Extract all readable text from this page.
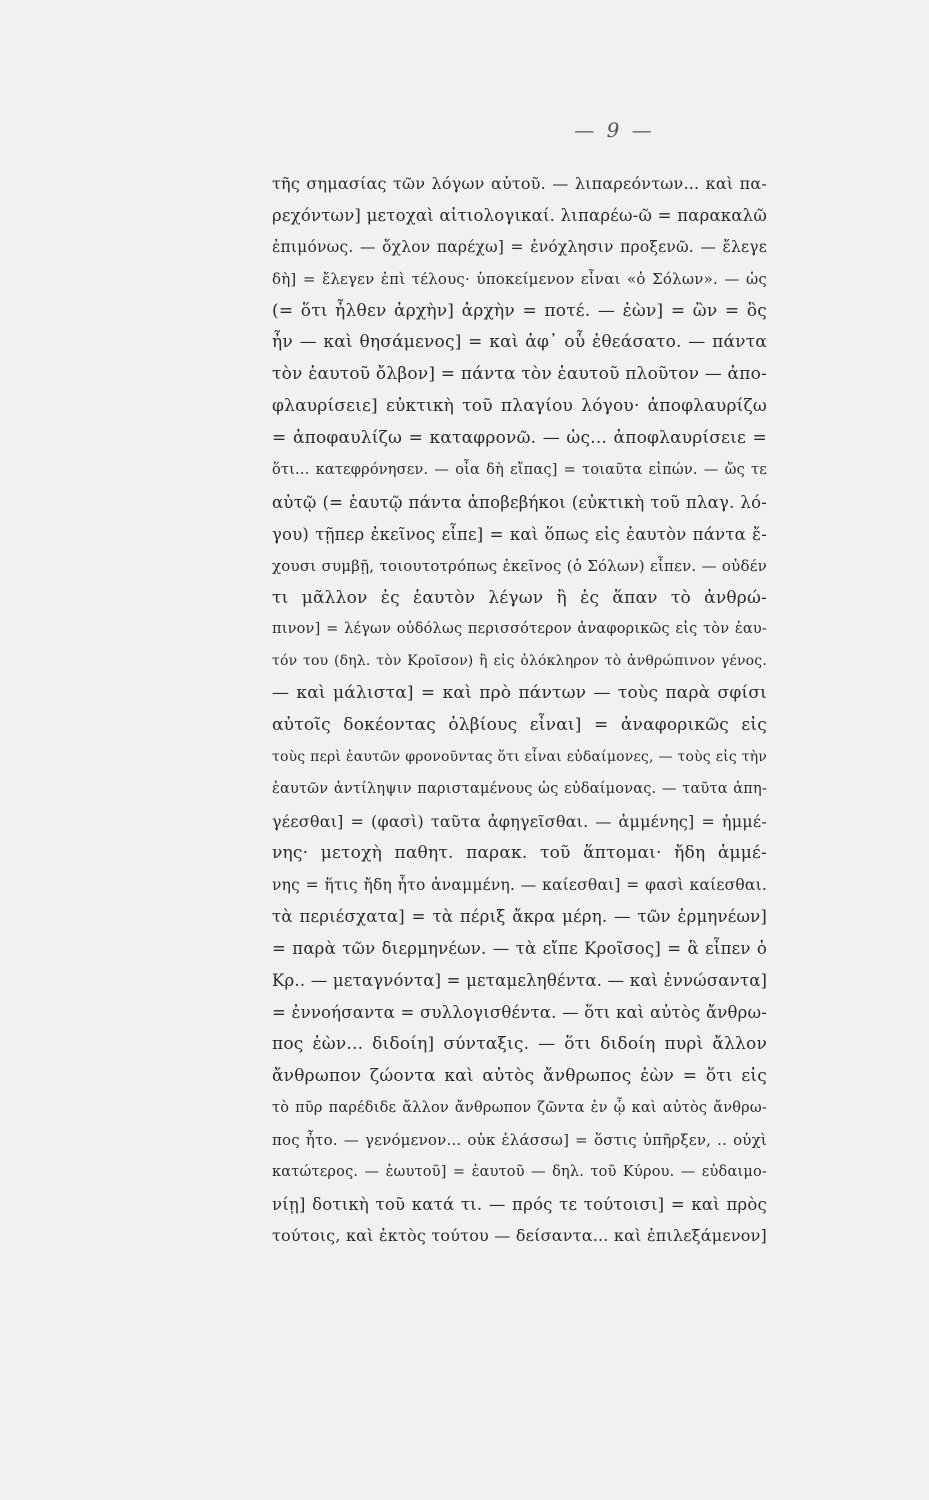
— 9 —
τῆς σημασίας τῶν λόγων αὐτοῦ. — λιπαρεόντων... καὶ πα-
ρεχόντων] μετοχαὶ αἰτιολογικαί. λιπαρέω-ῶ = παρακαλῶ
ἐπιμόνως. — ὄχλον παρέχω] = ἐνόχλησιν προξενῶ. — ἔλεγε
δὴ] = ἔλεγεν ἐπὶ τέλους· ὑποκείμενον εἶναι «ὁ Σόλων». — ὡς
(= ὅτι ἦλθεν ἀρχὴν] ἀρχὴν = ποτέ. — ἐὼν] = ὢν = ὃς
ἦν — καὶ θησάμενος] = καὶ ἀφ᾽ οὗ ἐθεάσατο. — πάντα
τὸν ἑαυτοῦ ὄλβον] = πάντα τὸν ἑαυτοῦ πλοῦτον — ἀπο-
φλαυρίσειε] εὐκτικὴ τοῦ πλαγίου λόγου· ἀποφλαυρίζω
= ἀποφαυλίζω = καταφρονῶ. — ὡς... ἀποφλαυρίσειε =
ὅτι... κατεφρόνησεν. — οἷα δὴ εἴπας] = τοιαῦτα εἰπών. — ὥς τε
αὐτῷ (= ἑαυτῷ πάντα ἀποβεβήκοι (εὐκτικὴ τοῦ πλαγ. λό-
γου) τῇπερ ἐκεῖνος εἶπε] = καὶ ὅπως εἰς ἑαυτὸν πάντα ἔ-
χουσι συμβῇ, τοιουτοτρόπως ἐκεῖνος (ὁ Σόλων) εἶπεν. — οὐδέν
τι μᾶλλον ἐς ἑαυτὸν λέγων ἢ ἐς ἅπαν τὸ ἀνθρώ-
πινον] = λέγων οὐδόλως περισσότερον ἀναφορικῶς εἰς τὸν ἑαυ-
τόν του (δηλ. τὸν Κροῖσον) ἢ εἰς ὁλόκληρον τὸ ἀνθρώπινον γένος.
— καὶ μάλιστα] = καὶ πρὸ πάντων — τοὺς παρὰ σφίσι
αὐτοῖς δοκέοντας ὀλβίους εἶναι] = ἀναφορικῶς εἰς
τοὺς περὶ ἑαυτῶν φρονοῦντας ὅτι εἶναι εὐδαίμονες, — τοὺς εἰς τὴν
ἑαυτῶν ἀντίληψιν παρισταμένους ὡς εὐδαίμονας. — ταῦτα ἀπη-
γέεσθαι] = (φασὶ) ταῦτα ἀφηγεῖσθαι. — ἀμμένης] = ἡμμέ-
νης· μετοχὴ παθητ. παρακ. τοῦ ἅπτομαι· ἤδη ἀμμέ-
νης = ἥτις ἤδη ἦτο ἀναμμένη. — καίεσθαι] = φασὶ καίεσθαι.
τὰ περιέσχατα] = τὰ πέριξ ἄκρα μέρη. — τῶν ἑρμηνέων]
= παρὰ τῶν διερμηνέων. — τὰ εἴπε Κροῖσος] = ἃ εἶπεν ὁ
Κρ.. — μεταγνόντα] = μεταμεληθέντα. — καὶ ἐννώσαντα]
= ἐννοήσαντα = συλλογισθέντα. — ὅτι καὶ αὐτὸς ἄνθρω-
πος ἐὼν... διδοίη] σύνταξις. — ὅτι διδοίη πυρὶ ἄλλον
ἄνθρωπον ζώοντα καὶ αὐτὸς ἄνθρωπος ἐὼν = ὅτι εἰς
τὸ πῦρ παρέδιδε ἄλλον ἄνθρωπον ζῶντα ἐν ᾧ καὶ αὐτὸς ἄνθρω-
πος ἦτο. — γενόμενον... οὐκ ἐλάσσω] = ὅστις ὑπῆρξεν, .. οὐχὶ
κατώτερος. — ἑωυτοῦ] = ἑαυτοῦ — δηλ. τοῦ Κύρου. — εὐδαιμο-
νίῃ] δοτικὴ τοῦ κατά τι. — πρός τε τούτοισι] = καὶ πρὸς
τούτοις, καὶ ἐκτὸς τούτου — δείσαντα... καὶ ἐπιλεξάμενον]
